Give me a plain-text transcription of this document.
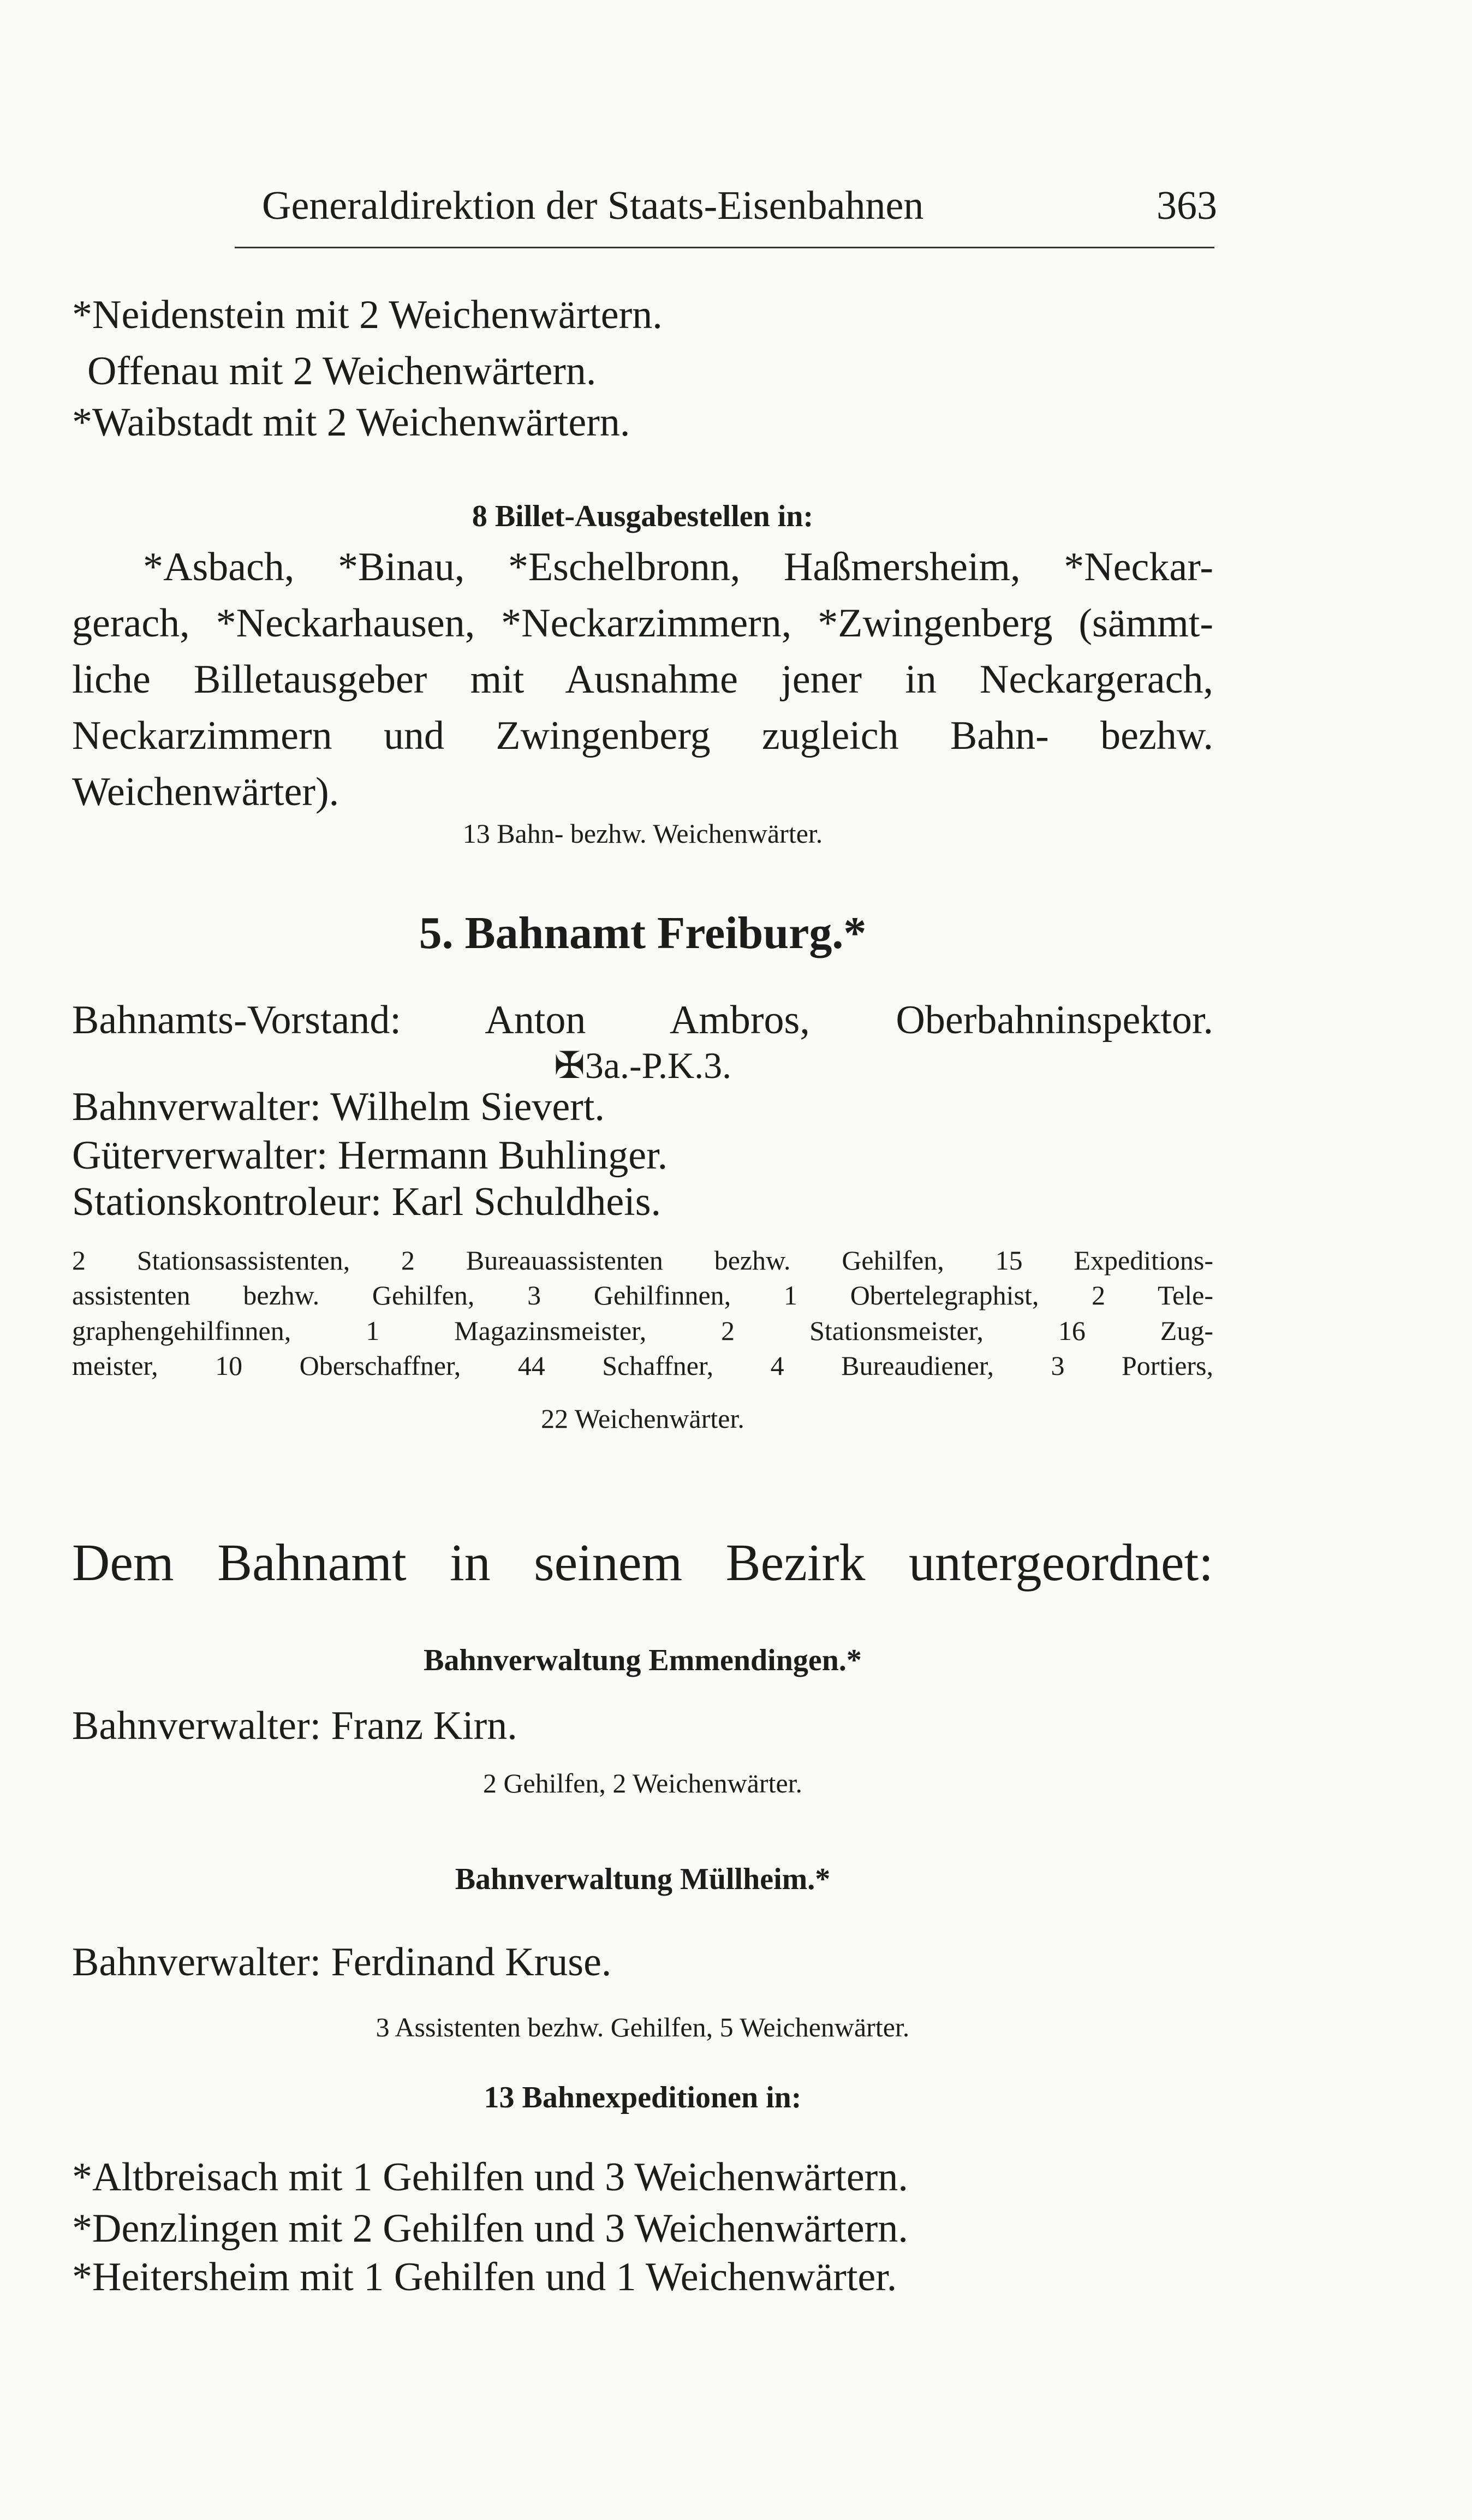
Generaldirektion der Staats-Eisenbahnen	363
*Neidenstein mit 2 Weichenwärtern.
Offenau mit 2 Weichenwärtern.
*Waibstadt mit 2 Weichenwärtern.
8 Billet-Ausgabestellen in:
*Asbach, *Binau, *Eschelbronn, Haßmersheim, *Neckar-
gerach, *Neckarhausen, *Neckarzimmern, *Zwingenberg (sämmt-
liche Billetausgeber mit Ausnahme jener in Neckargerach,
Neckarzimmern und Zwingenberg zugleich Bahn- bezhw.
Weichenwärter).
13 Bahn- bezhw. Weichenwärter.
5. Bahnamt Freiburg.*
Bahnamts-Vorstand: Anton Ambros, Oberbahninspektor.
✠3a.-P.K.3.
Bahnverwalter: Wilhelm Sievert.
Güterverwalter: Hermann Buhlinger.
Stationskontroleur: Karl Schuldheis.
2 Stationsassistenten, 2 Bureauassistenten bezhw. Gehilfen, 15 Expeditions-
assistenten bezhw. Gehilfen, 3 Gehilfinnen, 1 Obertelegraphist, 2 Tele-
graphengehilfinnen, 1 Magazinsmeister, 2 Stationsmeister, 16 Zug-
meister, 10 Oberschaffner, 44 Schaffner, 4 Bureaudiener, 3 Portiers,
22 Weichenwärter.
Dem Bahnamt in seinem Bezirk untergeordnet:
Bahnverwaltung Emmendingen.*
Bahnverwalter: Franz Kirn.
2 Gehilfen, 2 Weichenwärter.
Bahnverwaltung Müllheim.*
Bahnverwalter: Ferdinand Kruse.
3 Assistenten bezhw. Gehilfen, 5 Weichenwärter.
13 Bahnexpeditionen in:
*Altbreisach mit 1 Gehilfen und 3 Weichenwärtern.
*Denzlingen mit 2 Gehilfen und 3 Weichenwärtern.
*Heitersheim mit 1 Gehilfen und 1 Weichenwärter.
